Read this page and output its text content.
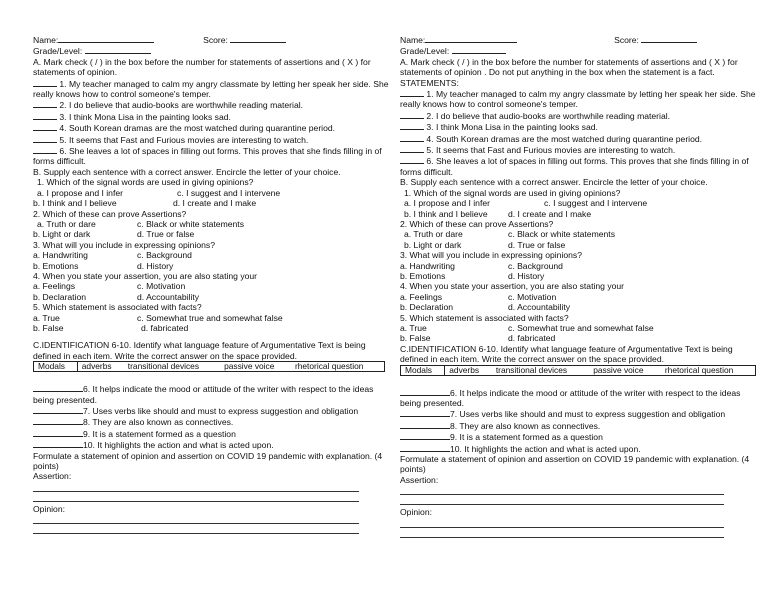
Name:	Score:
Grade/Level:
A. Mark check ( / ) in the box before the number for statements of assertions and ( X ) for statements of opinion.
1. My teacher managed to calm my angry classmate by letting her speak her side. She really knows how to control someone's temper.
2. I do believe that audio-books are worthwhile reading material.
3. I think Mona Lisa in the painting looks sad.
4. South Korean dramas are the most watched during quarantine period.
5. It seems that Fast and Furious movies are interesting to watch.
6. She leaves a lot of spaces in filling out forms. This proves that she finds filling in of forms difficult.
B. Supply each sentence with a correct answer. Encircle the letter of your choice.
1. Which of the signal words are used in giving opinions?
a. I propose and I infer	c. I suggest and I intervene
b. I think and I believe	d. I create and I make
2. Which of these can prove Assertions?
a. Truth or dare	c. Black or white statements
b. Light or dark	d. True or false
3. What will you include in expressing opinions?
a. Handwriting	c. Background
b. Emotions	d. History
4. When you state your assertion, you are also stating your
a. Feelings	c. Motivation
b. Declaration	d. Accountability
5. Which statement is associated with facts?
a. True	c. Somewhat true and somewhat false
b. False	d. fabricated
C.IDENTIFICATION 6-10. Identify what language feature of Argumentative Text is being defined in each item. Write the correct answer on the space provided.
Modals	adverbs	transitional devices	passive voice	rhetorical question
6. It helps indicate the mood or attitude of the writer with respect to the ideas being presented.
7. Uses verbs like should and must to express suggestion and obligation
8. They are also known as connectives.
9. It is a statement formed as a question
10. It highlights the action and what is acted upon.
Formulate a statement of opinion and assertion on COVID 19 pandemic with explanation. (4 points)
Assertion:
Opinion:
Name:	Score:
Grade/Level:
A. Mark check ( / ) in the box before the number for statements of assertions and ( X ) for statements of opinion . Do not put anything in the box when the statement is a fact. STATEMENTS:
1. My teacher managed to calm my angry classmate by letting her speak her side. She really knows how to control someone's temper.
2. I do believe that audio-books are worthwhile reading material.
3. I think Mona Lisa in the painting looks sad.
4. South Korean dramas are the most watched during quarantine period.
5. It seems that Fast and Furious movies are interesting to watch.
6. She leaves a lot of spaces in filling out forms. This proves that she finds filling in of forms difficult.
B. Supply each sentence with a correct answer. Encircle the letter of your choice.
1. Which of the signal words are used in giving opinions?
a. I propose and I infer	c. I suggest and I intervene
b. I think and I believe	d. I create and I make
2. Which of these can prove Assertions?
a. Truth or dare	c. Black or white statements
b. Light or dark	d. True or false
3. What will you include in expressing opinions?
a. Handwriting	c. Background
b. Emotions	d. History
4. When you state your assertion, you are also stating your
a. Feelings	c. Motivation
b. Declaration	d. Accountability
5. Which statement is associated with facts?
a. True	c. Somewhat true and somewhat false
b. False	d. fabricated
C.IDENTIFICATION 6-10. Identify what language feature of Argumentative Text is being defined in each item. Write the correct answer on the space provided.
Modals	adverbs	transitional devices	passive voice	rhetorical question
6. It helps indicate the mood or attitude of the writer with respect to the ideas being presented.
7. Uses verbs like should and must to express suggestion and obligation
8. They are also known as connectives.
9. It is a statement formed as a question
10. It highlights the action and what is acted upon.
Formulate a statement of opinion and assertion on COVID 19 pandemic with explanation. (4 points)
Assertion:
Opinion:
